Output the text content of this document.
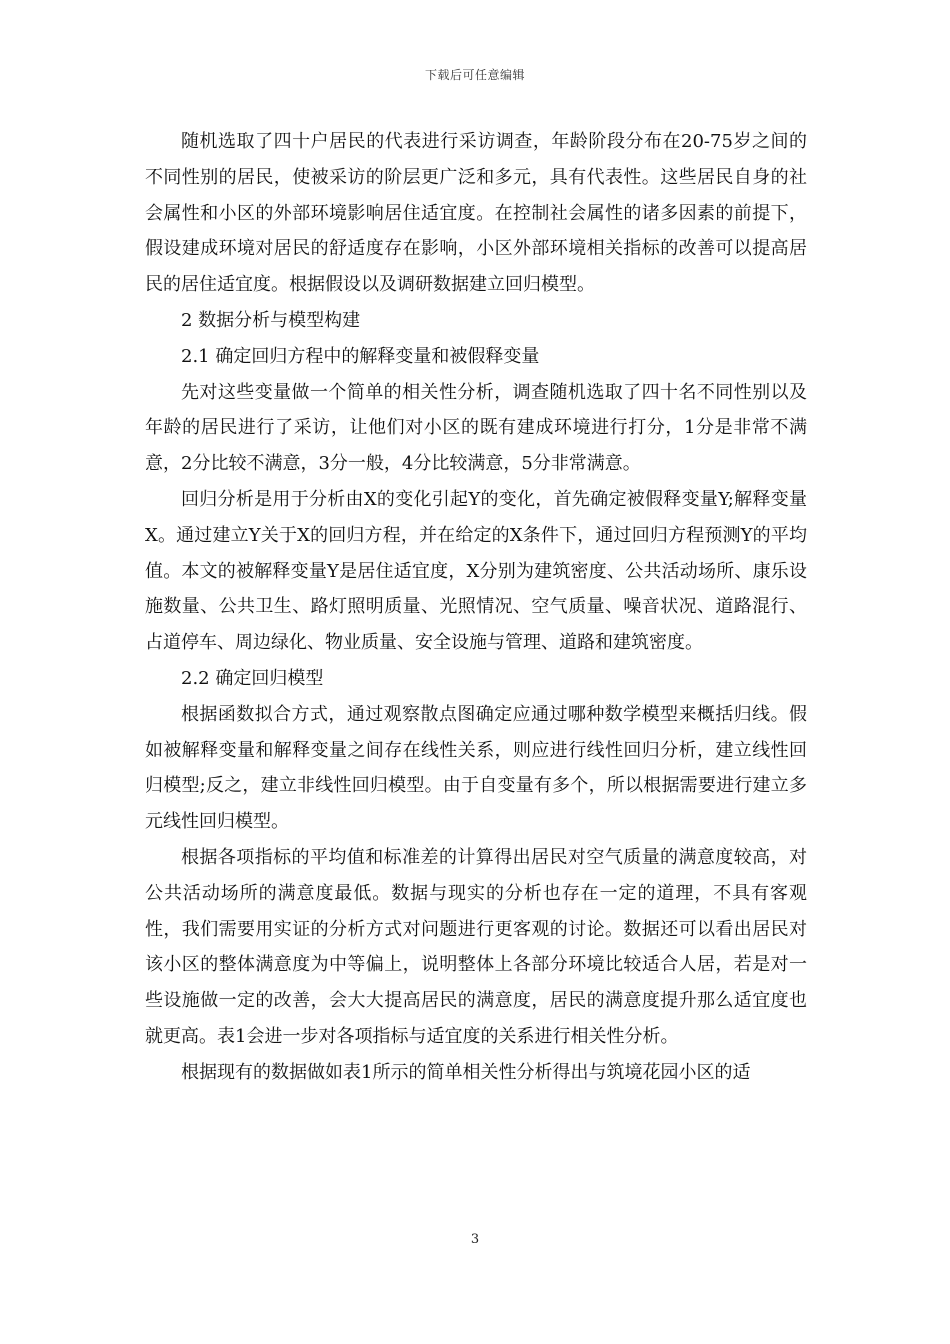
下载后可任意编辑

随机选取了四十户居民的代表进行采访调查，年龄阶段分布在20-75岁之间的不同性别的居民，使被采访的阶层更广泛和多元，具有代表性。这些居民自身的社会属性和小区的外部环境影响居住适宜度。在控制社会属性的诸多因素的前提下，假设建成环境对居民的舒适度存在影响，小区外部环境相关指标的改善可以提高居民的居住适宜度。根据假设以及调研数据建立回归模型。

2 数据分析与模型构建

2.1 确定回归方程中的解释变量和被假释变量

先对这些变量做一个简单的相关性分析，调查随机选取了四十名不同性别以及年龄的居民进行了采访，让他们对小区的既有建成环境进行打分，1分是非常不满意，2分比较不满意，3分一般，4分比较满意，5分非常满意。

回归分析是用于分析由X的变化引起Y的变化，首先确定被假释变量Y;解释变量X。通过建立Y关于X的回归方程，并在给定的X条件下，通过回归方程预测Y的平均值。本文的被解释变量Y是居住适宜度，X分别为建筑密度、公共活动场所、康乐设施数量、公共卫生、路灯照明质量、光照情况、空气质量、噪音状况、道路混行、占道停车、周边绿化、物业质量、安全设施与管理、道路和建筑密度。

2.2 确定回归模型

根据函数拟合方式，通过观察散点图确定应通过哪种数学模型来概括归线。假如被解释变量和解释变量之间存在线性关系，则应进行线性回归分析，建立线性回归模型;反之，建立非线性回归模型。由于自变量有多个，所以根据需要进行建立多元线性回归模型。

根据各项指标的平均值和标准差的计算得出居民对空气质量的满意度较高，对公共活动场所的满意度最低。数据与现实的分析也存在一定的道理，不具有客观性，我们需要用实证的分析方式对问题进行更客观的讨论。数据还可以看出居民对该小区的整体满意度为中等偏上，说明整体上各部分环境比较适合人居，若是对一些设施做一定的改善，会大大提高居民的满意度，居民的满意度提升那么适宜度也就更高。表1会进一步对各项指标与适宜度的关系进行相关性分析。

根据现有的数据做如表1所示的简单相关性分析得出与筑境花园小区的适

3
